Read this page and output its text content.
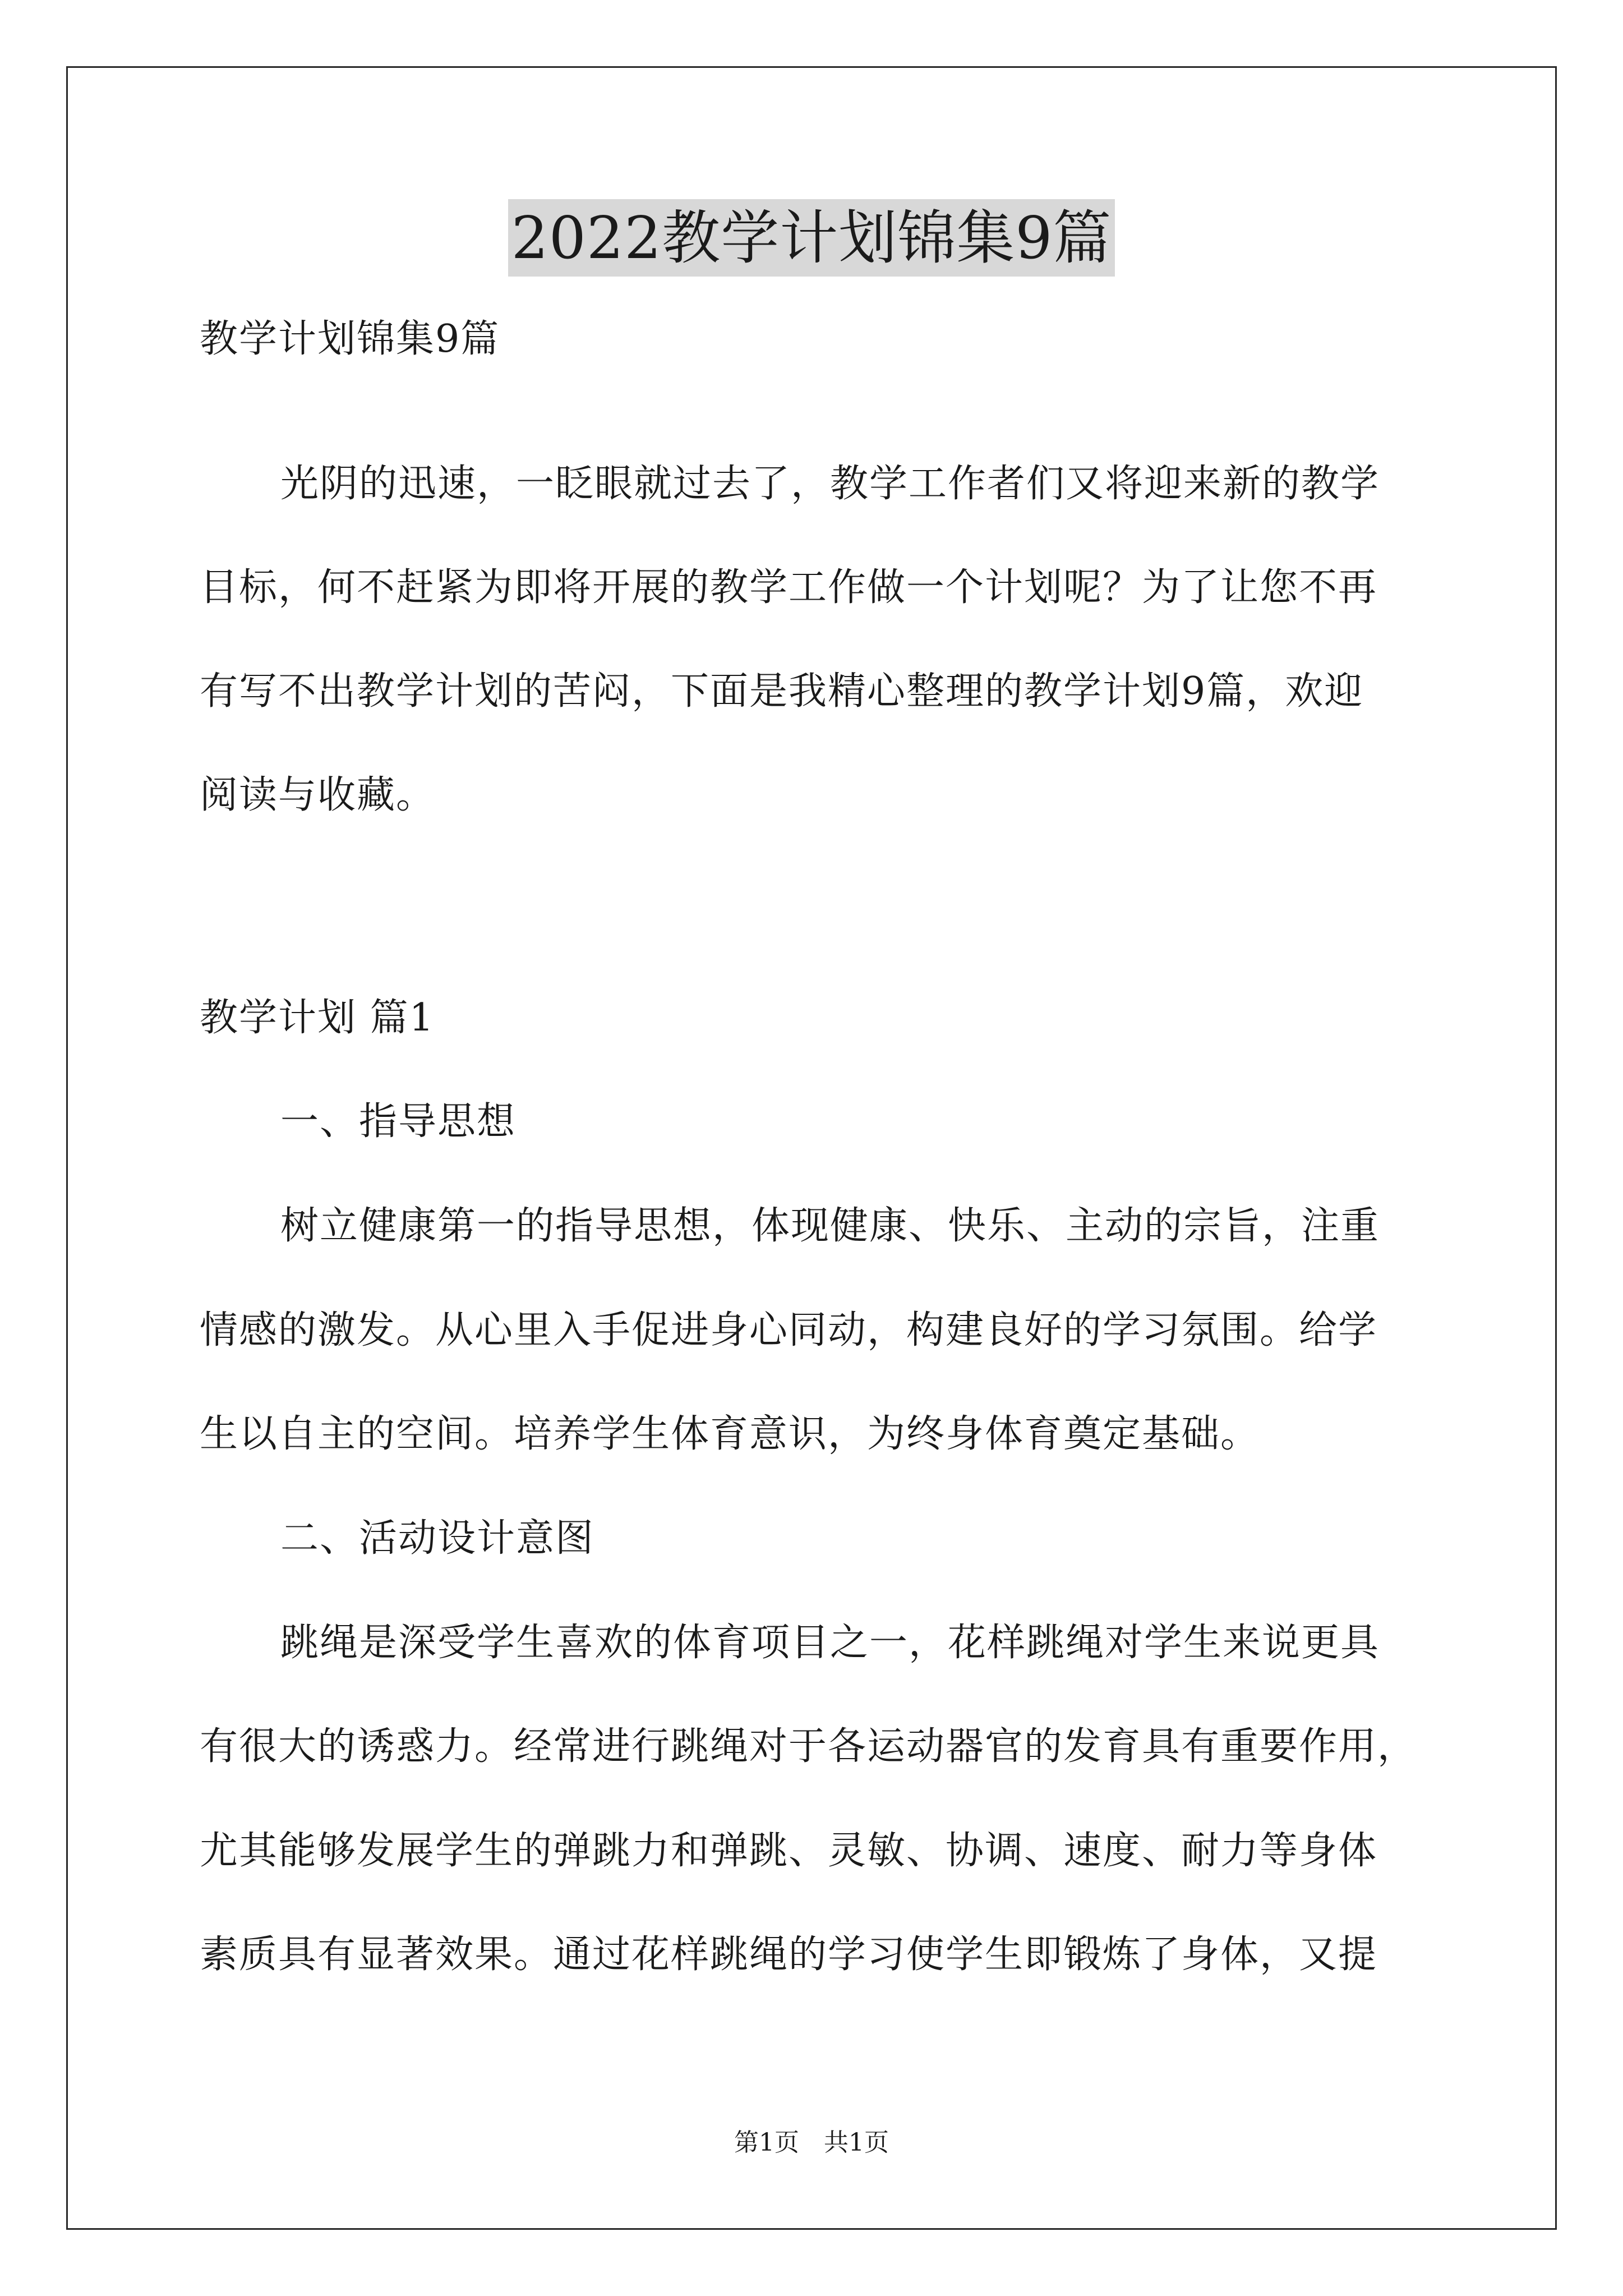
2022教学计划锦集9篇
教学计划锦集9篇
光阴的迅速，一眨眼就过去了，教学工作者们又将迎来新的教学
目标，何不赶紧为即将开展的教学工作做一个计划呢？为了让您不再
有写不出教学计划的苦闷，下面是我精心整理的教学计划9篇，欢迎
阅读与收藏。
教学计划 篇1
一、指导思想
树立健康第一的指导思想，体现健康、快乐、主动的宗旨，注重
情感的激发。从心里入手促进身心同动，构建良好的学习氛围。给学
生以自主的空间。培养学生体育意识，为终身体育奠定基础。
二、活动设计意图
跳绳是深受学生喜欢的体育项目之一，花样跳绳对学生来说更具
有很大的诱惑力。经常进行跳绳对于各运动器官的发育具有重要作用，
尤其能够发展学生的弹跳力和弹跳、灵敏、协调、速度、耐力等身体
素质具有显著效果。通过花样跳绳的学习使学生即锻炼了身体，又提
第1页　共1页
